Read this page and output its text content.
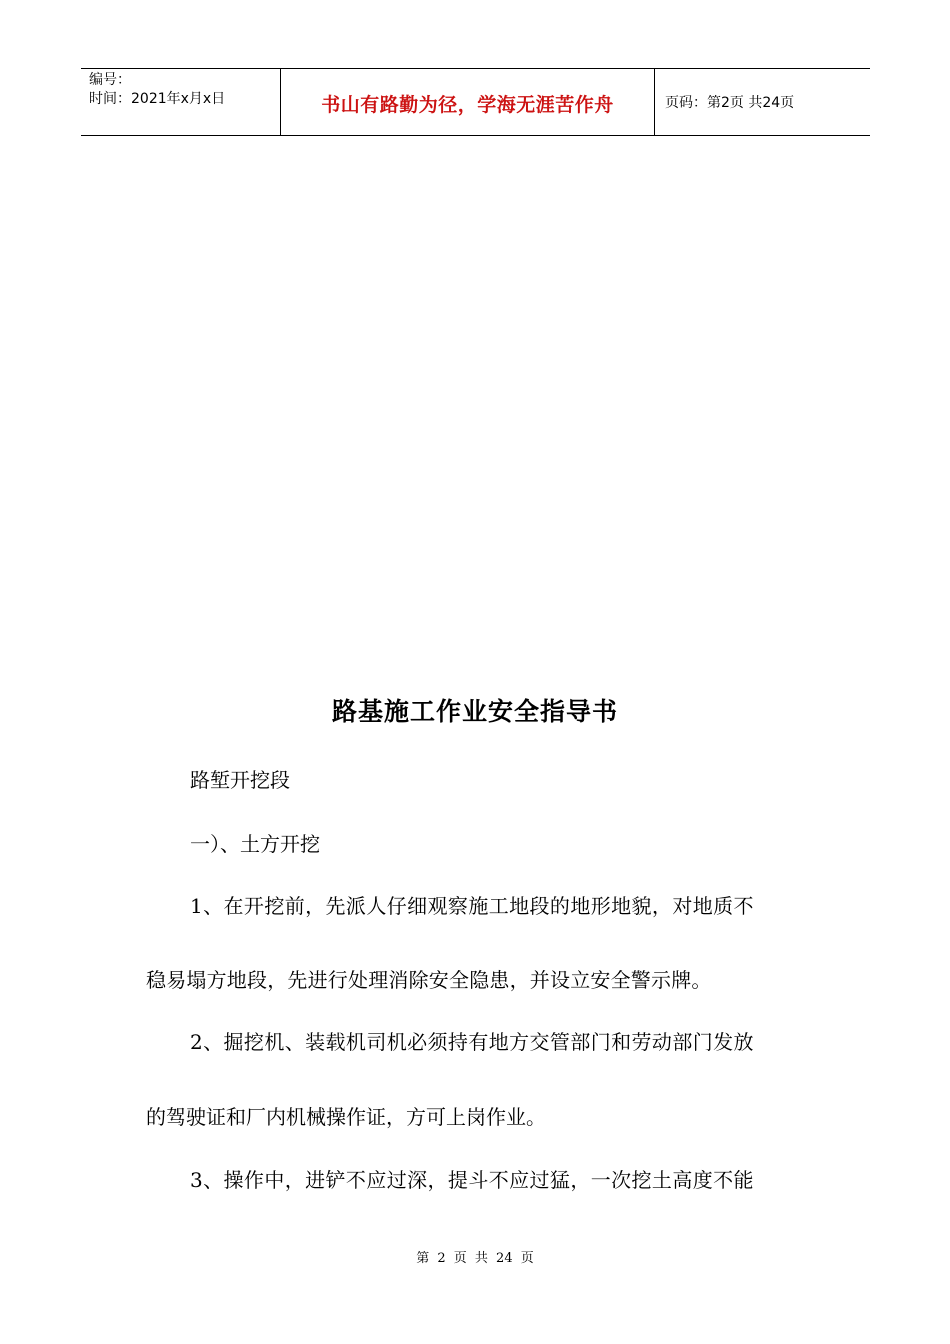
编号：
时间：2021年x月x日	书山有路勤为径，学海无涯苦作舟	页码：第2页 共24页
路基施工作业安全指导书
路堑开挖段
一）、土方开挖
1、在开挖前，先派人仔细观察施工地段的地形地貌，对地质不
稳易塌方地段，先进行处理消除安全隐患，并设立安全警示牌。
2、掘挖机、装载机司机必须持有地方交管部门和劳动部门发放
的驾驶证和厂内机械操作证，方可上岗作业。
3、操作中，进铲不应过深，提斗不应过猛，一次挖土高度不能
第 2 页 共 24 页
